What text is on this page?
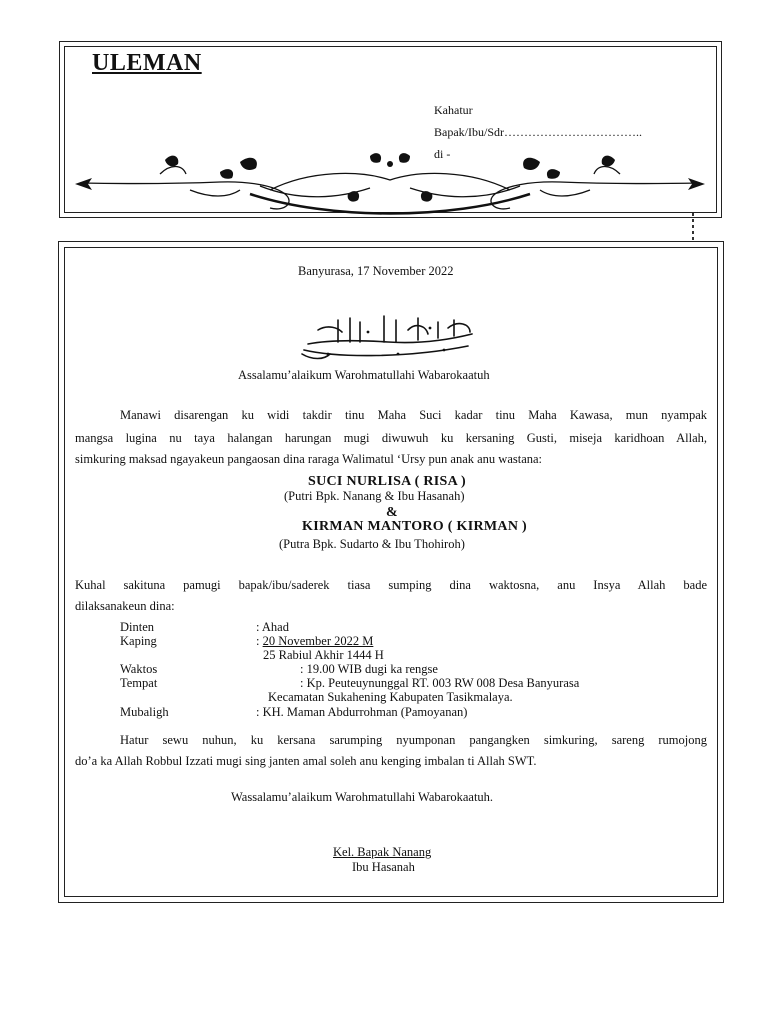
ULEMAN
Kahatur
Bapak/Ibu/Sdr……………………………..
di -
Banyurasa, 17 November 2022
Assalamu’alaikum Warohmatullahi Wabarokaatuh
Manawi disarengan ku widi takdir tinu Maha Suci kadar tinu Maha Kawasa, mun nyampak
mangsa lugina nu taya halangan harungan mugi diwuwuh ku kersaning Gusti, miseja karidhoan Allah,
simkuring maksad ngayakeun pangaosan dina raraga Walimatul ‘Ursy pun anak anu wastana:
SUCI NURLISA ( RISA )
(Putri Bpk. Nanang & Ibu Hasanah)
&
KIRMAN MANTORO ( KIRMAN )
(Putra Bpk. Sudarto & Ibu Thohiroh)
Kuhal sakituna pamugi bapak/ibu/saderek tiasa sumping dina waktosna, anu Insya Allah bade
dilaksanakeun dina:
Dinten	: Ahad
Kaping	: 20 November 2022 M
25 Rabiul Akhir 1444 H
Waktos	: 19.00 WIB dugi ka rengse
Tempat	: Kp. Peuteuynunggal RT. 003 RW 008 Desa Banyurasa
Kecamatan Sukahening Kabupaten Tasikmalaya.
Mubaligh	: KH. Maman Abdurrohman (Pamoyanan)
Hatur sewu nuhun, ku kersana sarumping nyumponan pangangken simkuring, sareng rumojong
do’a ka Allah Robbul Izzati mugi sing janten amal soleh anu kenging imbalan ti Allah SWT.
Wassalamu’alaikum Warohmatullahi Wabarokaatuh.
Kel. Bapak Nanang
Ibu Hasanah
